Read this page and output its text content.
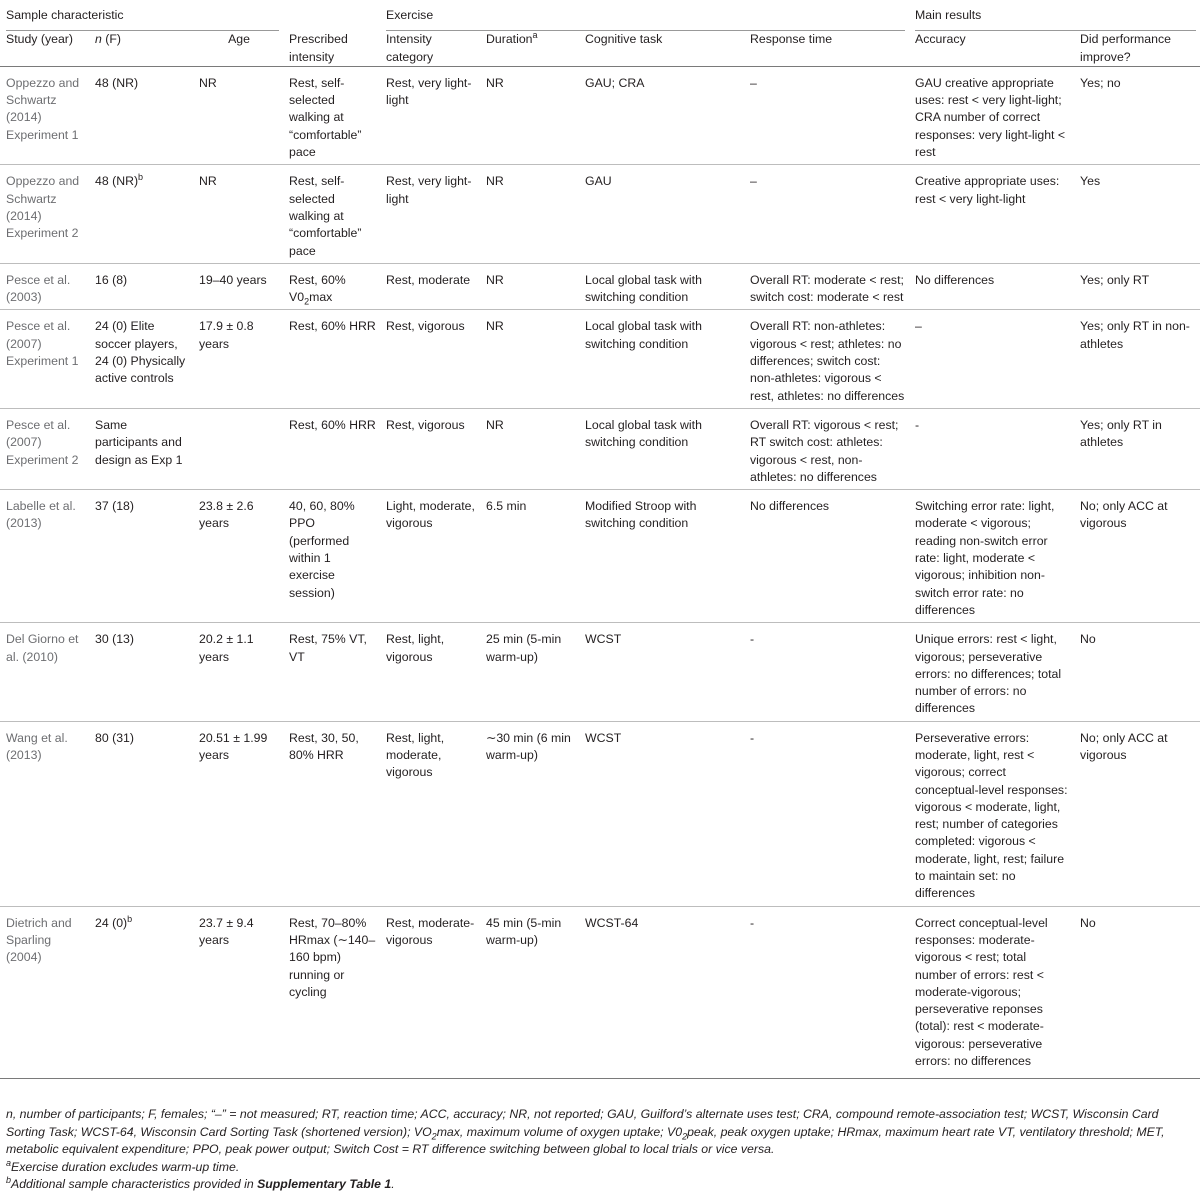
Sample characteristic				Exercise				Main results	

Study (year)	n (F)	Age	Prescribed intensity	Intensity category	Duration$^a$	Cognitive task	Response time	Accuracy	Did performance improve?
Oppezzo and Schwartz (2014) Experiment 1	48 (NR)	NR	Rest, self-selected walking at “comfortable” pace	Rest, very light-light	NR	GAU; CRA	–	GAU creative appropriate uses: rest < very light-light; CRA number of correct responses: very light-light < rest	Yes; no
Oppezzo and Schwartz (2014) Experiment 2	48 (NR)$^b$	NR	Rest, self-selected walking at “comfortable” pace	Rest, very light-light	NR	GAU	–	Creative appropriate uses: rest < very light-light	Yes
Pesce et al. (2003)	16 (8)	19–40 years	Rest, 60% $V0_2\max$	Rest, moderate	NR	Local global task with switching condition	Overall RT: moderate < rest; switch cost: moderate < rest	No differences	Yes; only RT
Pesce et al. (2007) Experiment 1	24 (0) Elite soccer players, 24 (0) Physically active controls	17.9 ± 0.8 years	Rest, 60% HRR	Rest, vigorous	NR	Local global task with switching condition	Overall RT: non-athletes: vigorous < rest; athletes: no differences; switch cost: non-athletes: vigorous < rest, athletes: no differences	–	Yes; only RT in non-athletes
Pesce et al. (2007) Experiment 2	Same participants and design as Exp 1		Rest, 60% HRR	Rest, vigorous	NR	Local global task with switching condition	Overall RT: vigorous < rest; RT switch cost: athletes: vigorous < rest, non-athletes: no differences	-	Yes; only RT in athletes
Labelle et al. (2013)	37 (18)	23.8 ± 2.6 years	40, 60, 80% PPO (performed within 1 exercise session)	Light, moderate, vigorous	6.5 min	Modified Stroop with switching condition	No differences	Switching error rate: light, moderate < vigorous; reading non-switch error rate: light, moderate < vigorous; inhibition non-switch error rate: no differences	No; only ACC at vigorous
Del Giorno et al. (2010)	30 (13)	20.2 ± 1.1 years	Rest, 75% VT, VT	Rest, light, vigorous	25 min (5-min warm-up)	WCST	-	Unique errors: rest < light, vigorous; perseverative errors: no differences; total number of errors: no differences	No
Wang et al. (2013)	80 (31)	20.51 ± 1.99 years	Rest, 30, 50, 80% HRR	Rest, light, moderate, vigorous	∼30 min (6 min warm-up)	WCST	-	Perseverative errors: moderate, light, rest < vigorous; correct conceptual-level responses: vigorous < moderate, light, rest; number of categories completed: vigorous < moderate, light, rest; failure to maintain set: no differences	No; only ACC at vigorous
Dietrich and Sparling (2004)	24 $(0)^b$	23.7 ± 9.4 years	Rest, 70–80% HRmax (∼140–160 bpm) running or cycling	Rest, moderate-vigorous	45 min (5-min warm-up)	WCST-64	-	Correct conceptual-level responses: moderate-vigorous < rest; total number of errors: rest < moderate-vigorous; perseverative reponses (total): rest < moderate-vigorous: perseverative errors: no differences	No

n, number of participants; F, females; “–” = not measured; RT, reaction time; ACC, accuracy; NR, not reported; GAU, Guilford’s alternate uses test; CRA, compound remote-association test; WCST, Wisconsin Card Sorting Task; WCST-64, Wisconsin Card Sorting Task (shortened version); $VO_2\max$, maximum volume of oxygen uptake; $V0_2peak$, peak oxygen uptake; HRmax, maximum heart rate VT, ventilatory threshold; MET, metabolic equivalent expenditure; PPO, peak power output; Switch Cost = RT difference switching between global to local trials or vice versa.

$^a$Exercise duration excludes warm-up time.

$^b$Additional sample characteristics provided in Supplementary Table 1.
